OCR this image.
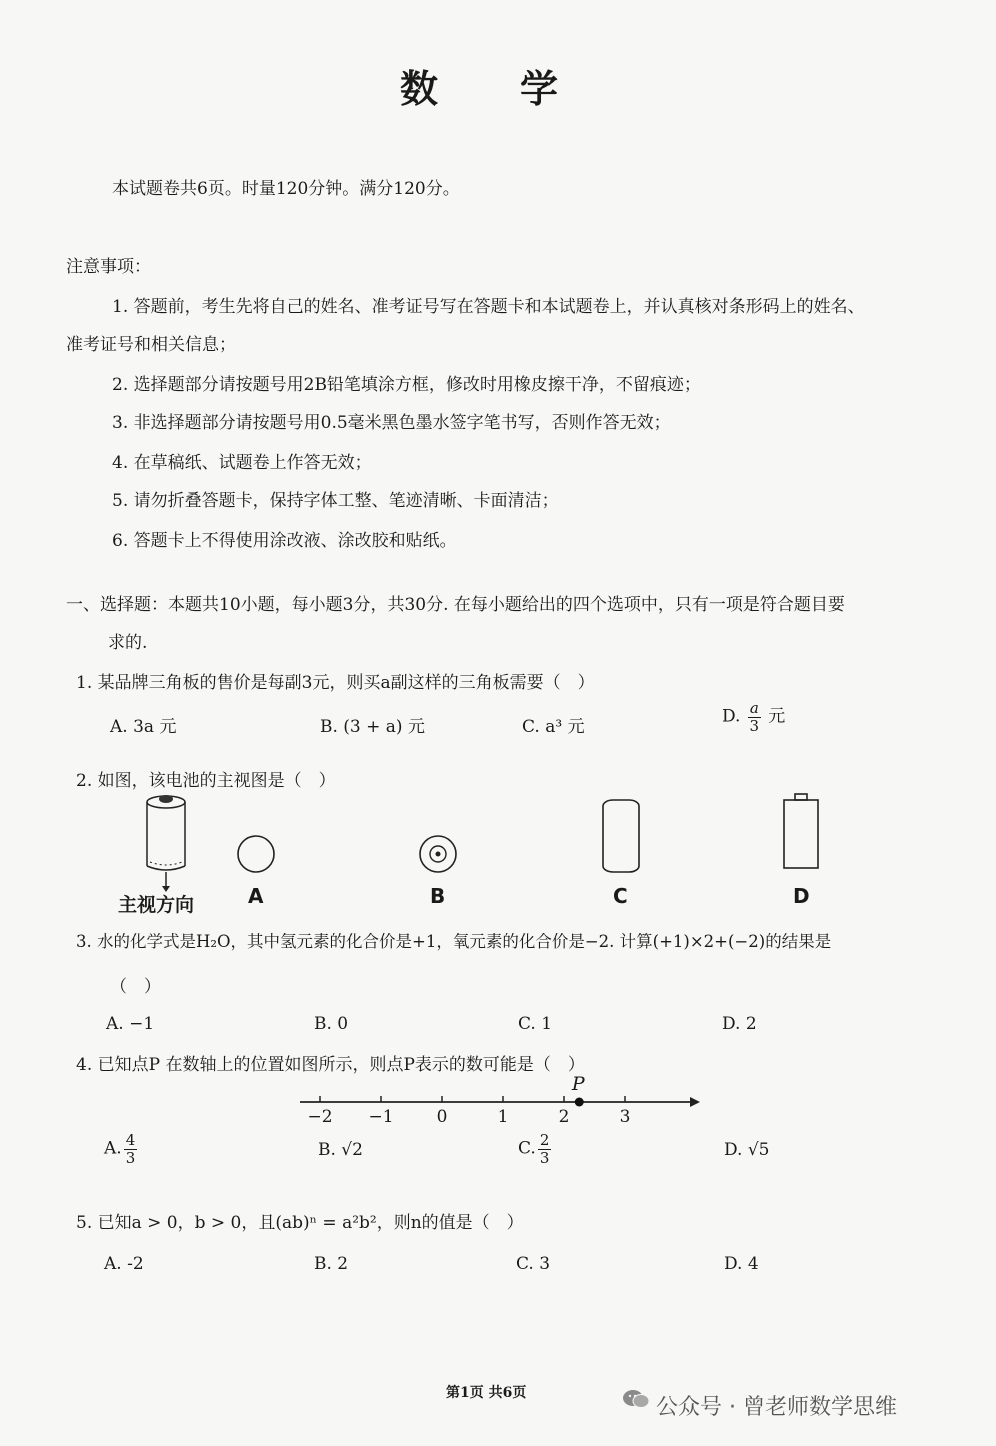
数　　学
本试题卷共6页。时量120分钟。满分120分。
注意事项：
1. 答题前，考生先将自己的姓名、准考证号写在答题卡和本试题卷上，并认真核对条形码上的姓名、
准考证号和相关信息；
2. 选择题部分请按题号用2B铅笔填涂方框，修改时用橡皮擦干净，不留痕迹；
3. 非选择题部分请按题号用0.5毫米黑色墨水签字笔书写，否则作答无效；
4. 在草稿纸、试题卷上作答无效；
5. 请勿折叠答题卡，保持字体工整、笔迹清晰、卡面清洁；
6. 答题卡上不得使用涂改液、涂改胶和贴纸。
一、选择题：本题共10小题，每小题3分，共30分. 在每小题给出的四个选项中，只有一项是符合题目要
求的.
1. 某品牌三角板的售价是每副3元，则买a副这样的三角板需要（　）
A. 3a 元	B. (3 + a) 元	C. a³ 元
D. $\frac{a}{3}$ 元
2. 如图，该电池的主视图是（　）
主视方向	A	B	C	D
3. 水的化学式是H₂O，其中氢元素的化合价是+1，氧元素的化合价是−2. 计算(+1)×2+(−2)的结果是
（　）
A. −1	B. 0	C. 1	D. 2
4. 已知点P 在数轴上的位置如图所示，则点P表示的数可能是（　）
−2 −1	0	1	2	3
P
A. $\frac{4}{3}$	B. √2	C. $\frac{2}{3}$	D. √5
5. 已知a > 0，b > 0，且(ab)ⁿ = a²b²，则n的值是（　）
A. -2	B. 2	C. 3	D. 4
第1页 共6页
公众号 · 曾老师数学思维
